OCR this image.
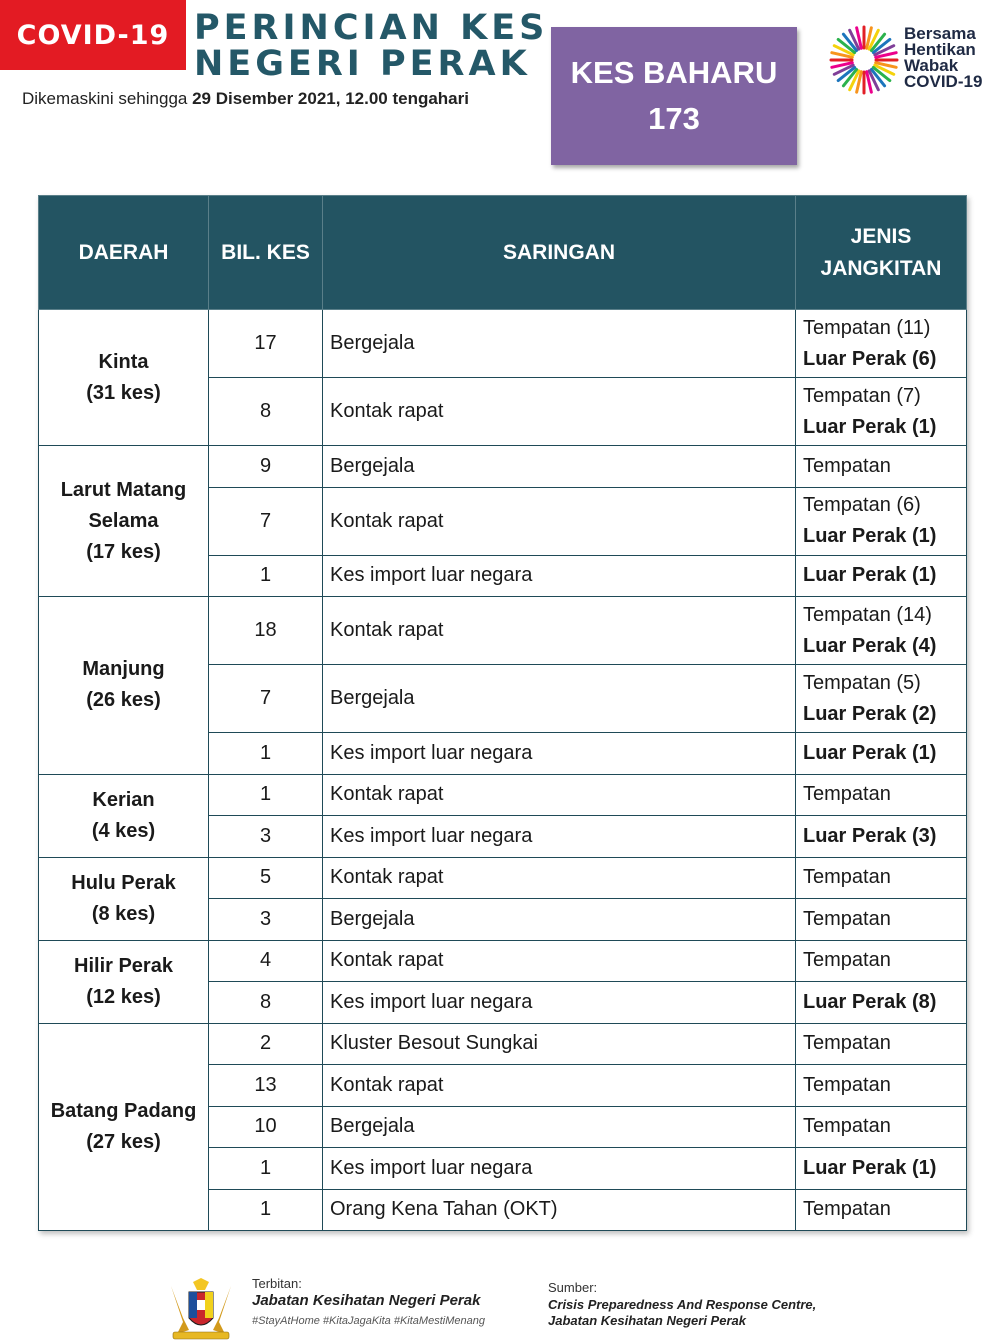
COVID-19 PERINCIAN KES
NEGERI PERAK
Dikemaskini sehingga 29 Disember 2021, 12.00 tengahari
KES BAHARU
173
Bersama
Hentikan
Wabak
COVID-19
DAERAH	BIL. KES	SARINGAN	JENIS JANGKITAN

Kinta
(31 kes)	17	Bergejala	Tempatan (11)
Luar Perak (6)

	8	Kontak rapat	Tempatan (7)
Luar Perak (1)

Larut Matang Selama
(17 kes)	9	Bergejala	Tempatan

	7	Kontak rapat	Tempatan (6)
Luar Perak (1)

	1	Kes import luar negara	Luar Perak (1)

Manjung
(26 kes)	18	Kontak rapat	Tempatan (14)
Luar Perak (4)

	7	Bergejala	Tempatan (5)
Luar Perak (2)

	1	Kes import luar negara	Luar Perak (1)

Kerian
(4 kes)	1	Kontak rapat	Tempatan

	3	Kes import luar negara	Luar Perak (3)

Hulu Perak
(8 kes)	5	Kontak rapat	Tempatan

	3	Bergejala	Tempatan

Hilir Perak
(12 kes)	4	Kontak rapat	Tempatan

	8	Kes import luar negara	Luar Perak (8)

Batang Padang
(27 kes)	2	Kluster Besout Sungkai	Tempatan

	13	Kontak rapat	Tempatan

	10	Bergejala	Tempatan

	1	Kes import luar negara	Luar Perak (1)

	1	Orang Kena Tahan (OKT)	Tempatan
Terbitan:
Jabatan Kesihatan Negeri Perak
#StayAtHome #KitaJagaKita #KitaMestiMenang
Sumber:
Crisis Preparedness And Response Centre,
Jabatan Kesihatan Negeri Perak
